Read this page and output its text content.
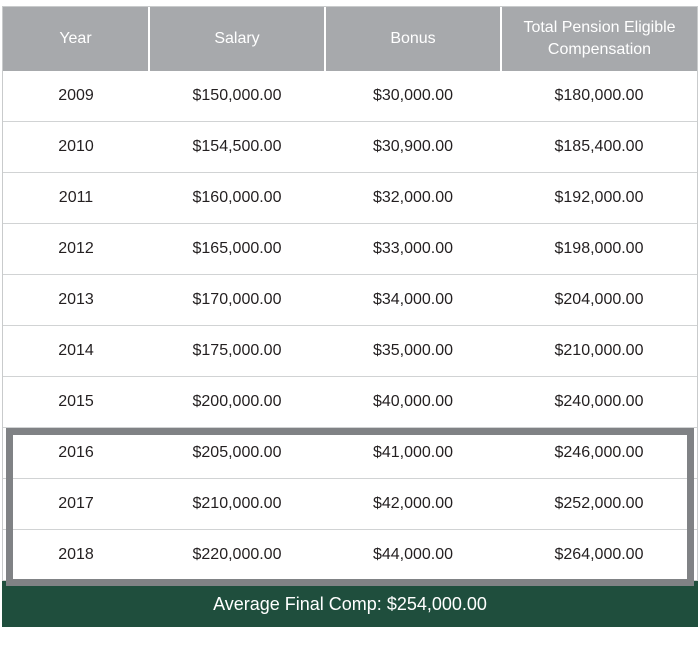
Year	Salary	Bonus	Total Pension Eligible Compensation
2009	$150,000.00	$30,000.00	$180,000.00
2010	$154,500.00	$30,900.00	$185,400.00
2011	$160,000.00	$32,000.00	$192,000.00
2012	$165,000.00	$33,000.00	$198,000.00
2013	$170,000.00	$34,000.00	$204,000.00
2014	$175,000.00	$35,000.00	$210,000.00
2015	$200,000.00	$40,000.00	$240,000.00
2016	$205,000.00	$41,000.00	$246,000.00
2017	$210,000.00	$42,000.00	$252,000.00
2018	$220,000.00	$44,000.00	$264,000.00
Average Final Comp: $254,000.00
